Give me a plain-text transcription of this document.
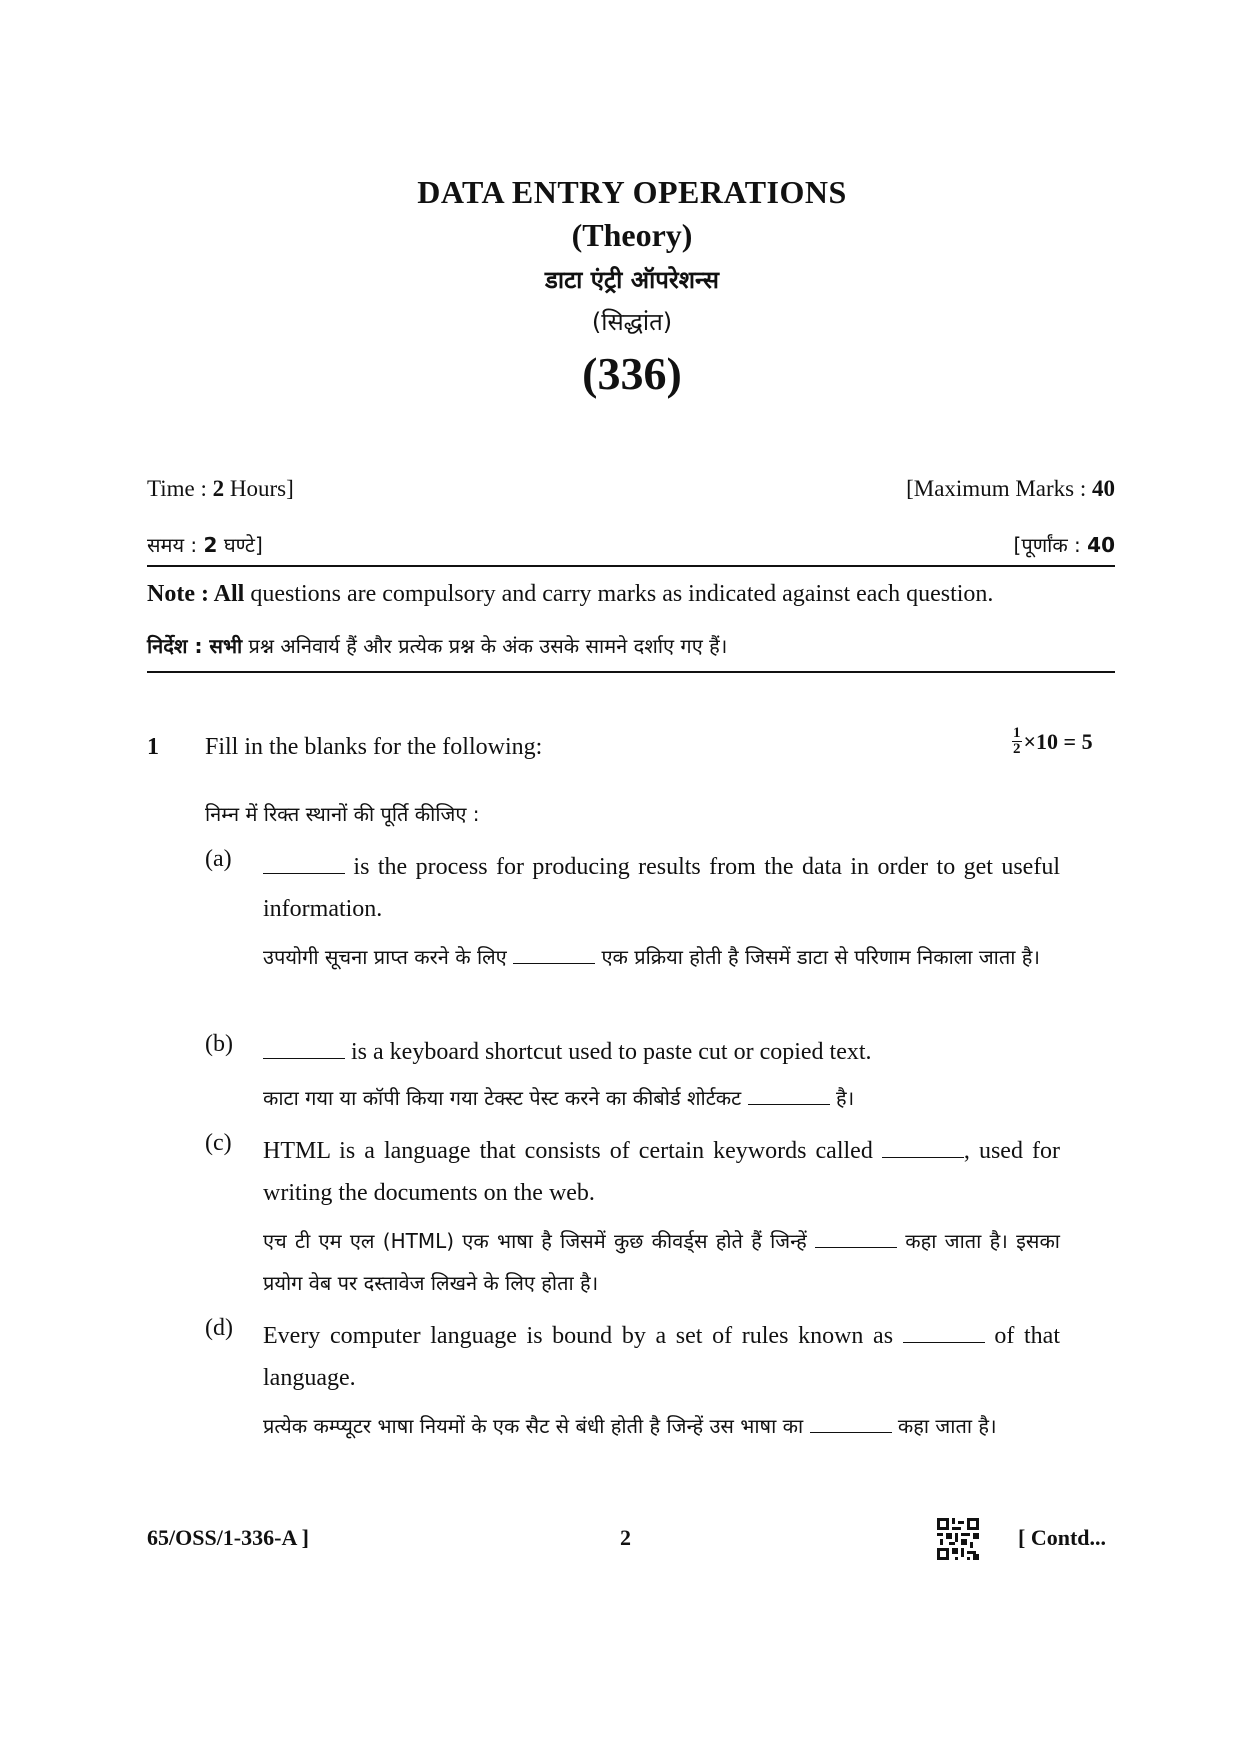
DATA ENTRY OPERATIONS
(Theory)
डाटा एंट्री ऑपरेशन्स
(सिद्धांत)
(336)
Time : 2 Hours]	[Maximum Marks : 40
समय : 2 घण्टे]	[पूर्णांक : 40
Note : All questions are compulsory and carry marks as indicated against each question.
निर्देश : सभी प्रश्न अनिवार्य हैं और प्रत्येक प्रश्न के अंक उसके सामने दर्शाए गए हैं।
1 Fill in the blanks for the following:	$\frac{1}{2} \times 10 = 5$
निम्न में रिक्त स्थानों की पूर्ति कीजिए :
(a)	is the process for producing results from the data in order to get useful information.
उपयोगी सूचना प्राप्त करने के लिए	एक प्रक्रिया होती है जिसमें डाटा से परिणाम निकाला जाता है।
(b)	is a keyboard shortcut used to paste cut or copied text.
काटा गया या कॉपी किया गया टेक्स्ट पेस्ट करने का कीबोर्ड शोर्टकट	है।
(c) HTML is a language that consists of certain keywords called	, used for writing the documents on the web.
एच टी एम एल (HTML) एक भाषा है जिसमें कुछ कीवर्ड्स होते हैं जिन्हें	कहा जाता है। इसका प्रयोग वेब पर दस्तावेज लिखने के लिए होता है।
(d) Every computer language is bound by a set of rules known as	of that language.
प्रत्येक कम्प्यूटर भाषा नियमों के एक सैट से बंधी होती है जिन्हें उस भाषा का	कहा जाता है।
65/OSS/1-336-A ]	2	[ Contd...
